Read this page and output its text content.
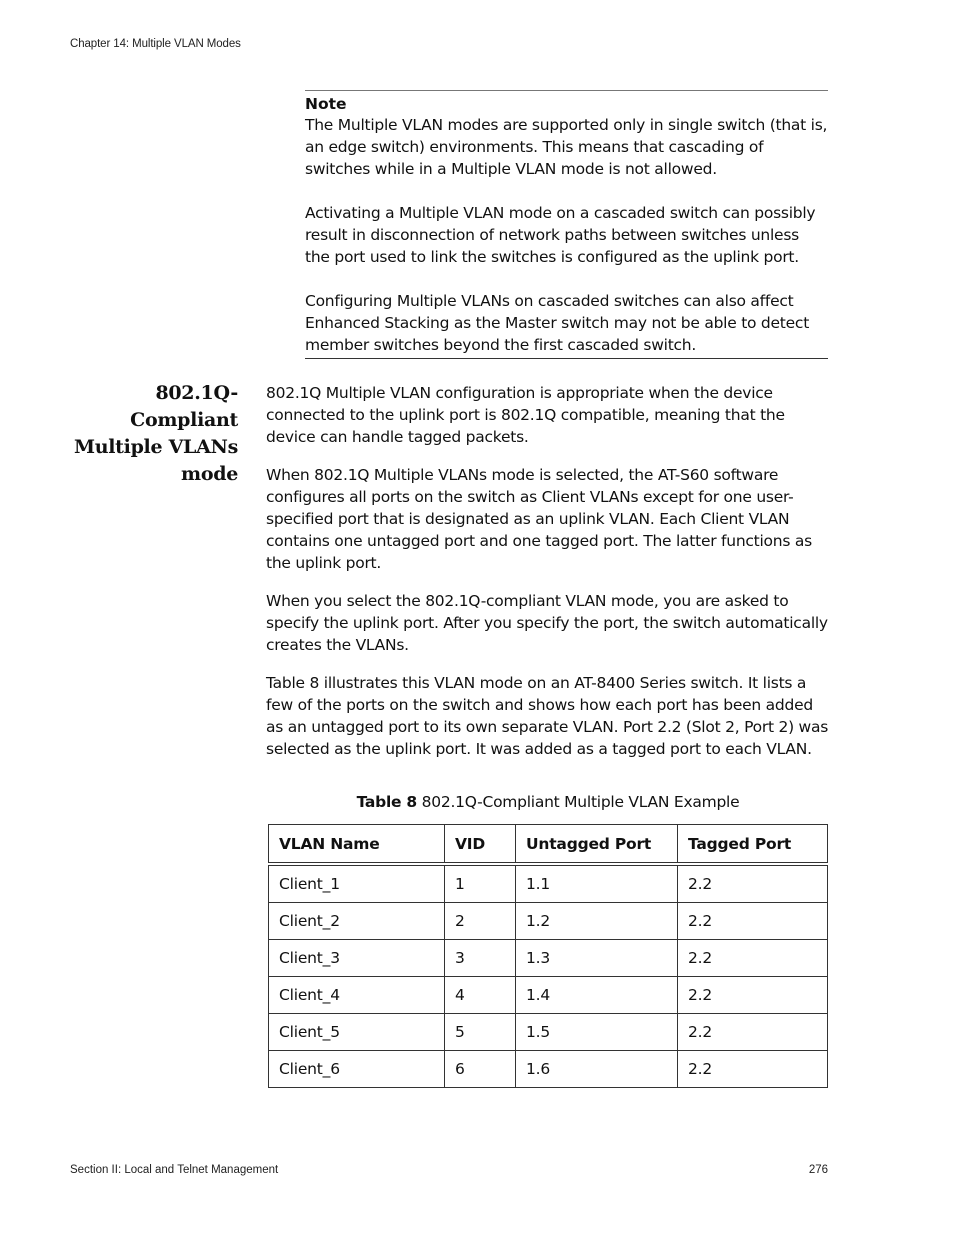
Chapter 14: Multiple VLAN Modes
Note

The Multiple VLAN modes are supported only in single switch (that is, an edge switch) environments. This means that cascading of switches while in a Multiple VLAN mode is not allowed.

Activating a Multiple VLAN mode on a cascaded switch can possibly result in disconnection of network paths between switches unless the port used to link the switches is configured as the uplink port.

Configuring Multiple VLANs on cascaded switches can also affect Enhanced Stacking as the Master switch may not be able to detect member switches beyond the first cascaded switch.

802.1Q-
Compliant
Multiple VLANs
mode

802.1Q Multiple VLAN configuration is appropriate when the device connected to the uplink port is 802.1Q compatible, meaning that the device can handle tagged packets.

When 802.1Q Multiple VLANs mode is selected, the AT-S60 software configures all ports on the switch as Client VLANs except for one user-specified port that is designated as an uplink VLAN. Each Client VLAN contains one untagged port and one tagged port. The latter functions as the uplink port.

When you select the 802.1Q-compliant VLAN mode, you are asked to specify the uplink port. After you specify the port, the switch automatically creates the VLANs.

Table 8 illustrates this VLAN mode on an AT-8400 Series switch. It lists a few of the ports on the switch and shows how each port has been added as an untagged port to its own separate VLAN. Port 2.2 (Slot 2, Port 2) was selected as the uplink port. It was added as a tagged port to each VLAN.

Table 8 802.1Q-Compliant Multiple VLAN Example
VLAN Name	VID	Untagged Port	Tagged Port
Client_1	1	1.1	2.2
Client_2	2	1.2	2.2
Client_3	3	1.3	2.2
Client_4	4	1.4	2.2
Client_5	5	1.5	2.2
Client_6	6	1.6	2.2
Section II: Local and Telnet Management	276
